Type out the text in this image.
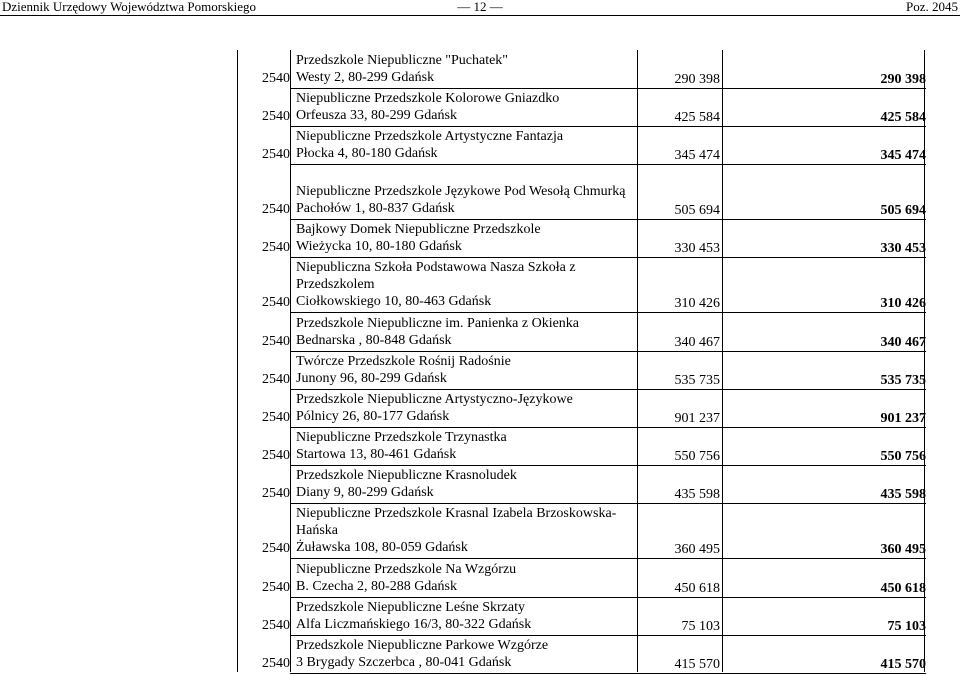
Dziennik Urzędowy Województwa Pomorskiego	— 12 —	Poz. 2045
2540
Przedszkole Niepubliczne "Puchatek"
Westy 2, 80-299 Gdańsk	290 398	290 398
2540
Niepubliczne Przedszkole Kolorowe Gniazdko
Orfeusza 33, 80-299 Gdańsk	425 584	425 584
2540
Niepubliczne Przedszkole Artystyczne Fantazja
Płocka 4, 80-180 Gdańsk	345 474	345 474
2540
Niepubliczne Przedszkole Językowe Pod Wesołą Chmurką
Pachołów 1, 80-837 Gdańsk	505 694	505 694
2540
Bajkowy Domek Niepubliczne Przedszkole
Wieżycka 10, 80-180 Gdańsk	330 453	330 453
2540
Niepubliczna Szkoła Podstawowa Nasza Szkoła z
Przedszkolem
Ciołkowskiego 10, 80-463 Gdańsk	310 426	310 426
2540
Przedszkole Niepubliczne im. Panienka z Okienka
Bednarska , 80-848 Gdańsk	340 467	340 467
2540
Twórcze Przedszkole Rośnij Radośnie
Junony 96, 80-299 Gdańsk	535 735	535 735
2540
Przedszkole Niepubliczne Artystyczno-Językowe
Pólnicy 26, 80-177 Gdańsk	901 237	901 237
2540
Niepubliczne Przedszkole Trzynastka
Startowa 13, 80-461 Gdańsk	550 756	550 756
2540
Przedszkole Niepubliczne Krasnoludek
Diany 9, 80-299 Gdańsk	435 598	435 598
2540
Niepubliczne Przedszkole Krasnal Izabela Brzoskowska-
Hańska
Żuławska 108, 80-059 Gdańsk	360 495	360 495
2540
Niepubliczne Przedszkole Na Wzgórzu
B. Czecha 2, 80-288 Gdańsk	450 618	450 618
2540
Przedszkole Niepubliczne Leśne Skrzaty
Alfa Liczmańskiego 16/3, 80-322 Gdańsk	75 103	75 103
2540
Przedszkole Niepubliczne Parkowe Wzgórze
3 Brygady Szczerbca , 80-041 Gdańsk	415 570	415 570
